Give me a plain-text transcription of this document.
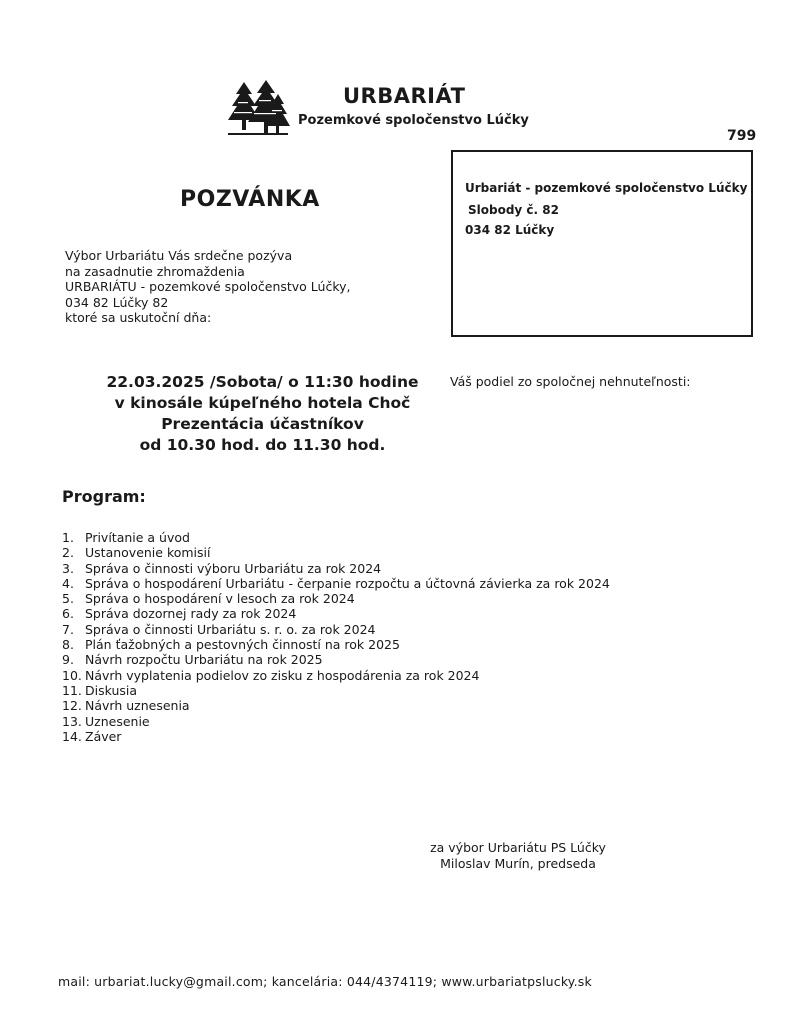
URBARIÁT
Pozemkové spoločenstvo Lúčky
799
Urbariát - pozemkové spoločenstvo Lúčky
Slobody č. 82
034 82 Lúčky
POZVÁNKA
Výbor Urbariátu Vás srdečne pozýva
na zasadnutie zhromaždenia
URBARIÁTU - pozemkové spoločenstvo Lúčky,
034 82 Lúčky 82
ktoré sa uskutoční dňa:
22.03.2025 /Sobota/ o 11:30 hodine
v kinosále kúpeľného hotela Choč
Prezentácia účastníkov
od 10.30 hod. do 11.30 hod.
Váš podiel zo spoločnej nehnuteľnosti:
Program:
1. Privítanie a úvod
2. Ustanovenie komisií
3. Správa o činnosti výboru Urbariátu za rok 2024
4. Správa o hospodárení Urbariátu - čerpanie rozpočtu a účtovná závierka za rok 2024
5. Správa o hospodárení v lesoch za rok 2024
6. Správa dozornej rady za rok 2024
7. Správa o činnosti Urbariátu s. r. o. za rok 2024
8. Plán ťažobných a pestovných činností na rok 2025
9. Návrh rozpočtu Urbariátu na rok 2025
10. Návrh vyplatenia podielov zo zisku z hospodárenia za rok 2024
11. Diskusia
12. Návrh uznesenia
13. Uznesenie
14. Záver
za výbor Urbariátu PS Lúčky
Miloslav Murín, predseda
mail: urbariat.lucky@gmail.com; kancelária: 044/4374119; www.urbariatpslucky.sk
